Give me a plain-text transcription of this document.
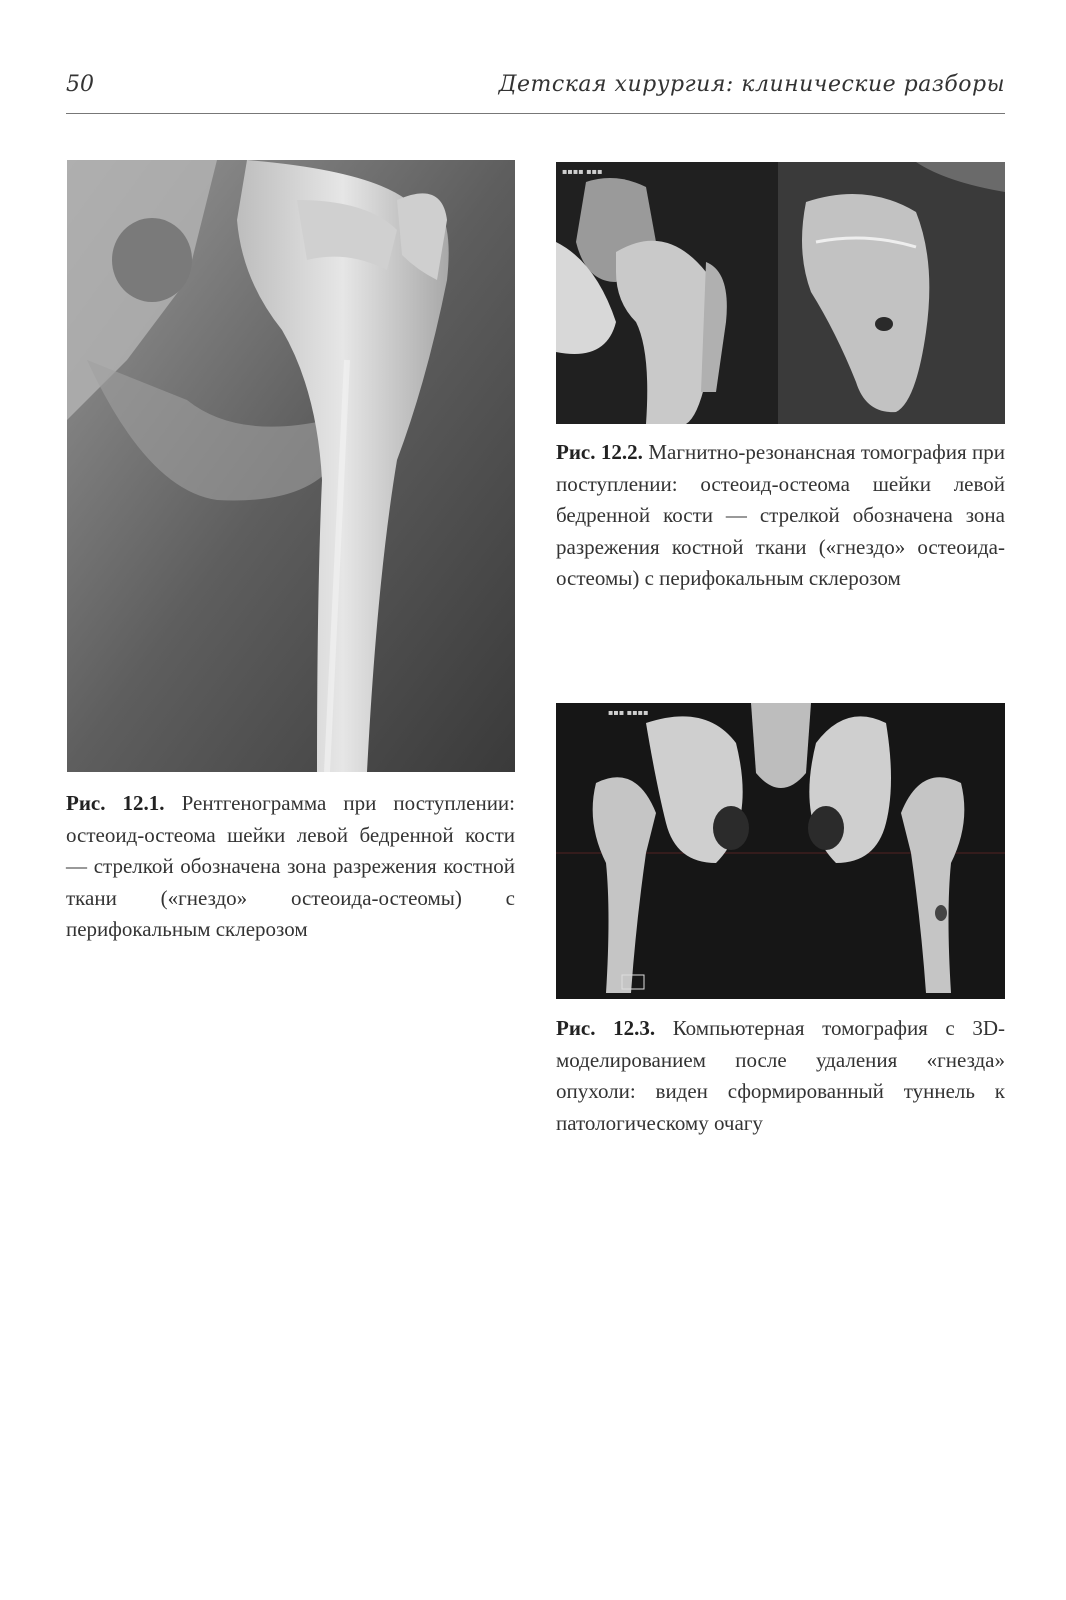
50	Детская хирургия: клинические разборы
Рис. 12.1. Рентгенограмма при поступлении: остеоид-остеома шейки левой бедренной кости — стрелкой обозначена зона разрежения костной ткани («гнездо» остеоида-остеомы) с перифокальным склерозом
▪▪▪▪ ▪▪▪
Рис. 12.2. Магнитно-резонансная томография при поступлении: остеоид-остеома шейки левой бедренной кости — стрелкой обозначена зона разрежения костной ткани («гнездо» остеоида-остеомы) с перифокальным склерозом
▪▪▪ ▪▪▪▪
Рис. 12.3. Компьютерная томография с 3D-моделированием после удаления «гнезда» опухоли: виден сформированный туннель к патологическому очагу
